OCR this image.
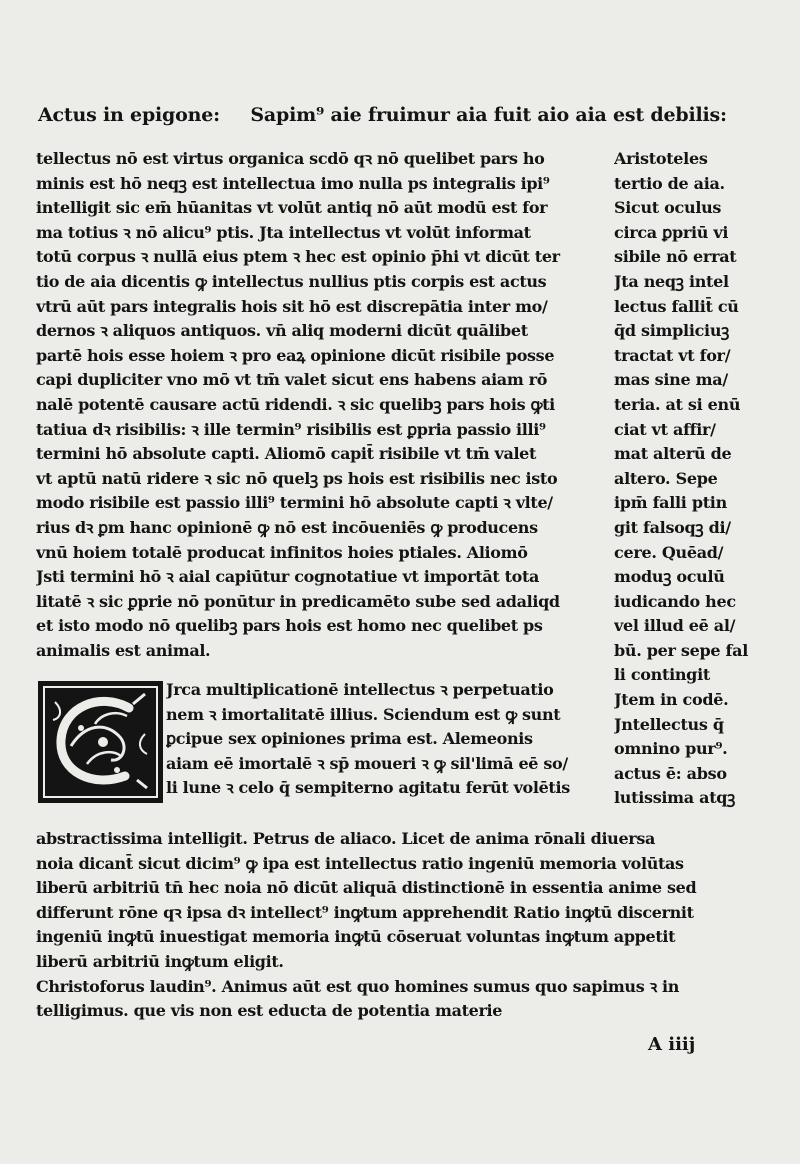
Actus in epigone: Sapim⁹ aie fruimur aia fuit aio aia est debilis:
tellectus nō est virtus organica scdō qꝛ nō quelibet pars ho
minis est hō neqꝫ est intellectua imo nulla ps integralis ipi⁹
intelligit sic em̄ hūanitas vt volūt antiq nō aūt modū est for
ma totius ꝛ nō alicu⁹ ptis. Jta intellectus vt volūt informat
totū corpus ꝛ nullā eius ptem ꝛ hec est opinio p̄hi vt dicūt ter
tio de aia dicentis ꝙ intellectus nullius ptis corpis est actus
vtrū aūt pars integralis hois sit hō est discrepātia inter mo/
dernos ꝛ aliquos antiquos. vn̄ aliq moderni dicūt quālibet
partē hois esse hoiem ꝛ pro eaꝝ opinione dicūt risibile posse
capi dupliciter vno mō vt tm̄ valet sicut ens habens aiam rō
nalē potentē causare actū ridendi. ꝛ sic quelibꝫ pars hois ꝙti
tatiua dꝛ risibilis: ꝛ ille termin⁹ risibilis est ꝑpria passio illi⁹
termini hō absolute capti. Aliomō capit̄ risibile vt tm̄ valet
vt aptū natū ridere ꝛ sic nō quelꝫ ps hois est risibilis nec isto
modo risibile est passio illi⁹ termini hō absolute capti ꝛ vlte/
rius dꝛ ꝑm hanc opinionē ꝙ nō est incōueniēs ꝙ producens
vnū hoiem totalē producat infinitos hoies ptiales. Aliomō
Jsti termini hō ꝛ aial capiūtur cognotatiue vt importāt tota
litatē ꝛ sic ꝑprie nō ponūtur in predicamēto sube sed adaliqd
et isto modo nō quelibꝫ pars hois est homo nec quelibet ps
animalis est animal.
Aristoteles
tertio de aia.
Sicut oculus
circa ꝑpriū vi
sibile nō errat
Jta neqꝫ intel
lectus fallit̄ cū
q̄d simpliciuꝫ
tractat vt for/
mas sine ma/
teria. at si enū
ciat vt affir/
mat alterū de
altero. Sepe
ipm̄ falli ptin
git falsoqꝫ di/
cere. Quēad/
moduꝫ oculū
iudicando hec
vel illud eē al/
bū. per sepe fal
li contingit
Jtem in codē.
Jntellectus q̄
omnino pur⁹.
actus ē: abso
lutissima atqꝫ
Jrca multiplicationē intellectus ꝛ perpetuatio
nem ꝛ imortalitatē illius. Sciendum est ꝙ sunt
ꝑcipue sex opiniones prima est. Alemeonis
aiam eē imortalē ꝛ sp̄ moueri ꝛ ꝙ sil'limā eē so/
li lune ꝛ celo q̄ sempiterno agitatu ferūt volētis
abstractissima intelligit. Petrus de aliaco. Licet de anima rōnali diuersa
noia dicant̄ sicut dicim⁹ ꝙ ipa est intellectus ratio ingeniū memoria volūtas
liberū arbitriū tn̄ hec noia nō dicūt aliquā distinctionē in essentia anime sed
differunt rōne qꝛ ipsa dꝛ intellect⁹ inꝙtum apprehendit Ratio inꝙtū discernit
ingeniū inꝙtū inuestigat memoria inꝙtū cōseruat voluntas inꝙtum appetit
liberū arbitriū inꝙtum eligit.
Christoforus laudin⁹. Animus aūt est quo homines sumus quo sapimus ꝛ in
telligimus. que vis non est educta de potentia materie
A iiij
